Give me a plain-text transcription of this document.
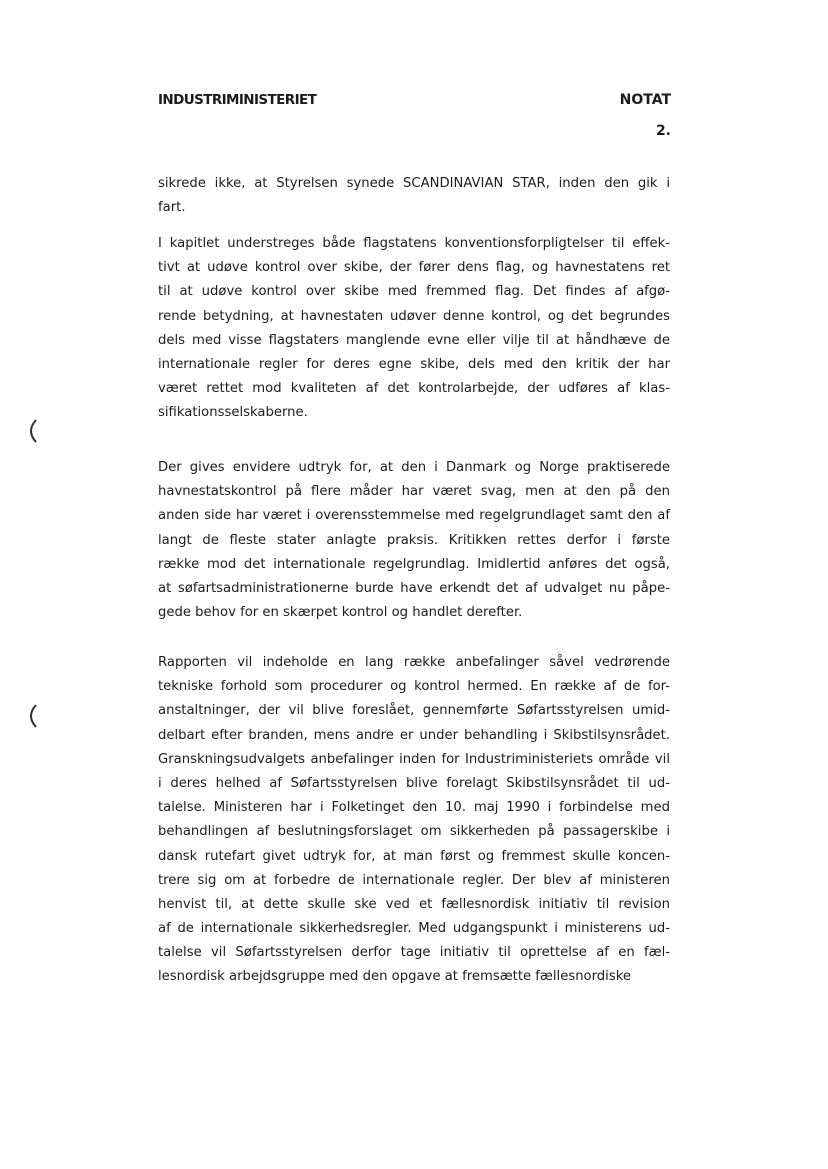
INDUSTRIMINISTERIET	NOTAT
2.
sikrede ikke, at Styrelsen synede SCANDINAVIAN STAR, inden den gik i
fart.
I kapitlet understreges både flagstatens konventionsforpligtelser til effek-
tivt at udøve kontrol over skibe, der fører dens flag, og havnestatens ret
til at udøve kontrol over skibe med fremmed flag. Det findes af afgø-
rende betydning, at havnestaten udøver denne kontrol, og det begrundes
dels med visse flagstaters manglende evne eller vilje til at håndhæve de
internationale regler for deres egne skibe, dels med den kritik der har
været rettet mod kvaliteten af det kontrolarbejde, der udføres af klas-
sifikationsselskaberne.
Der gives envidere udtryk for, at den i Danmark og Norge praktiserede
havnestatskontrol på flere måder har været svag, men at den på den
anden side har været i overensstemmelse med regelgrundlaget samt den af
langt de fleste stater anlagte praksis. Kritikken rettes derfor i første
række mod det internationale regelgrundlag. Imidlertid anføres det også,
at søfartsadministrationerne burde have erkendt det af udvalget nu påpe-
gede behov for en skærpet kontrol og handlet derefter.
Rapporten vil indeholde en lang række anbefalinger såvel vedrørende
tekniske forhold som procedurer og kontrol hermed. En række af de for-
anstaltninger, der vil blive foreslået, gennemførte Søfartsstyrelsen umid-
delbart efter branden, mens andre er under behandling i Skibstilsynsrådet.
Granskningsudvalgets anbefalinger inden for Industriministeriets område vil
i deres helhed af Søfartsstyrelsen blive forelagt Skibstilsynsrådet til ud-
talelse. Ministeren har i Folketinget den 10. maj 1990 i forbindelse med
behandlingen af beslutningsforslaget om sikkerheden på passagerskibe i
dansk rutefart givet udtryk for, at man først og fremmest skulle koncen-
trere sig om at forbedre de internationale regler. Der blev af ministeren
henvist til, at dette skulle ske ved et fællesnordisk initiativ til revision
af de internationale sikkerhedsregler. Med udgangspunkt i ministerens ud-
talelse vil Søfartsstyrelsen derfor tage initiativ til oprettelse af en fæl-
lesnordisk arbejdsgruppe med den opgave at fremsætte fællesnordiske
